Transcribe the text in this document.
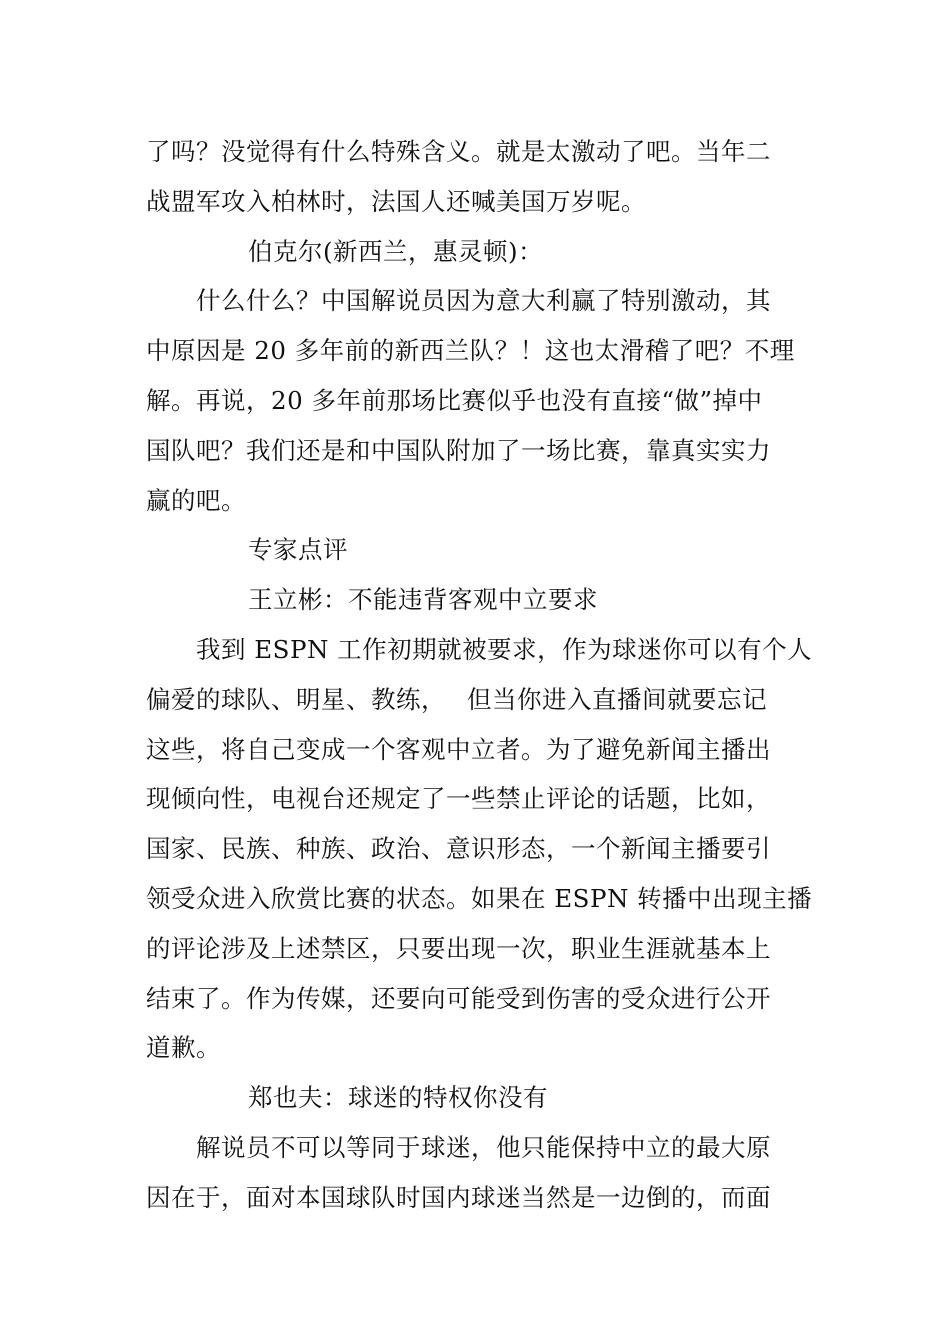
了吗？没觉得有什么特殊含义。就是太激动了吧。当年二
战盟军攻入柏林时，法国人还喊美国万岁呢。
伯克尔(新西兰，惠灵顿)：
什么什么？中国解说员因为意大利赢了特别激动，其
中原因是 20 多年前的新西兰队？！这也太滑稽了吧？不理
解。再说，20 多年前那场比赛似乎也没有直接“做”掉中
国队吧？我们还是和中国队附加了一场比赛，靠真实实力
赢的吧。
专家点评
王立彬：不能违背客观中立要求
我到 ESPN 工作初期就被要求，作为球迷你可以有个人
偏爱的球队、明星、教练，　 但当你进入直播间就要忘记
这些，将自己变成一个客观中立者。为了避免新闻主播出
现倾向性，电视台还规定了一些禁止评论的话题，比如，
国家、民族、种族、政治、意识形态，一个新闻主播要引
领受众进入欣赏比赛的状态。如果在 ESPN 转播中出现主播
的评论涉及上述禁区，只要出现一次，职业生涯就基本上
结束了。作为传媒，还要向可能受到伤害的受众进行公开
道歉。
郑也夫：球迷的特权你没有
解说员不可以等同于球迷，他只能保持中立的最大原
因在于，面对本国球队时国内球迷当然是一边倒的，而面
